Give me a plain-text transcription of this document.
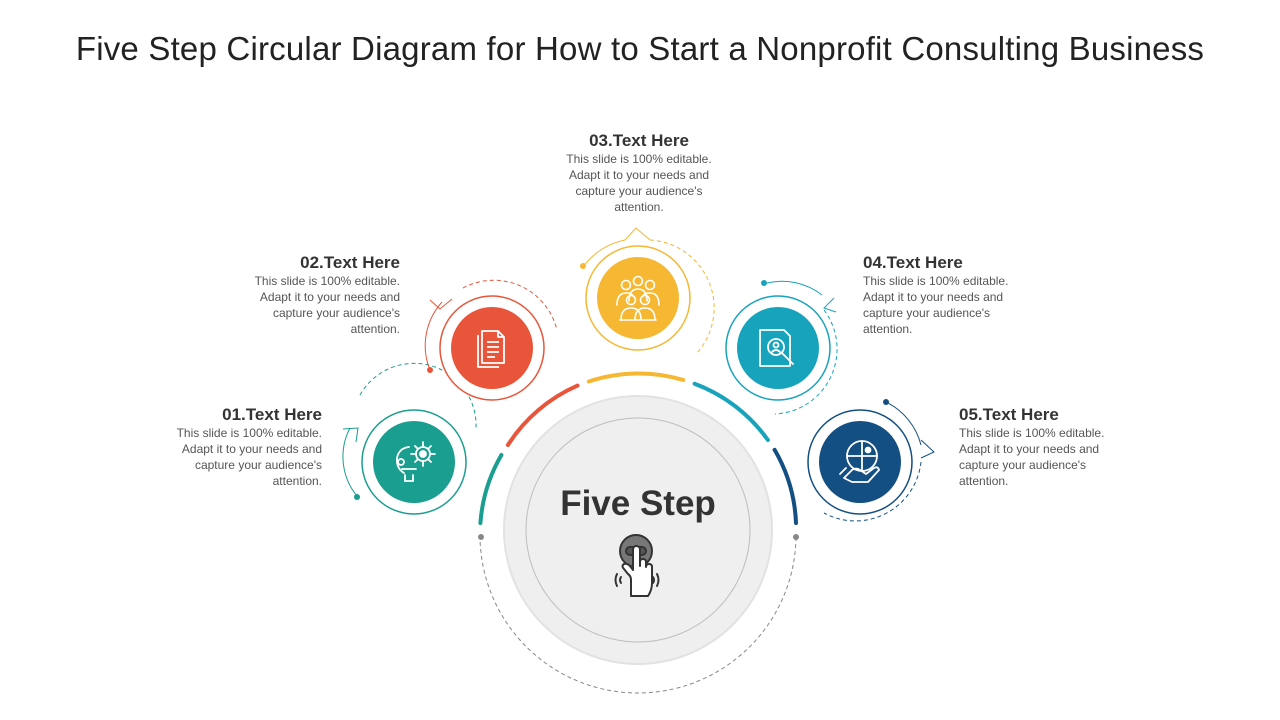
Five Step Circular Diagram for How to Start a Nonprofit Consulting Business
01.Text Here
This slide is 100% editable. Adapt it to your needs and capture your audience's attention.
02.Text Here
This slide is 100% editable. Adapt it to your needs and capture your audience's attention.
03.Text Here
This slide is 100% editable. Adapt it to your needs and capture your audience's attention.
04.Text Here
This slide is 100% editable. Adapt it to your needs and capture your audience's attention.
05.Text Here
This slide is 100% editable. Adapt it to your needs and capture your audience's attention.
Five Step
